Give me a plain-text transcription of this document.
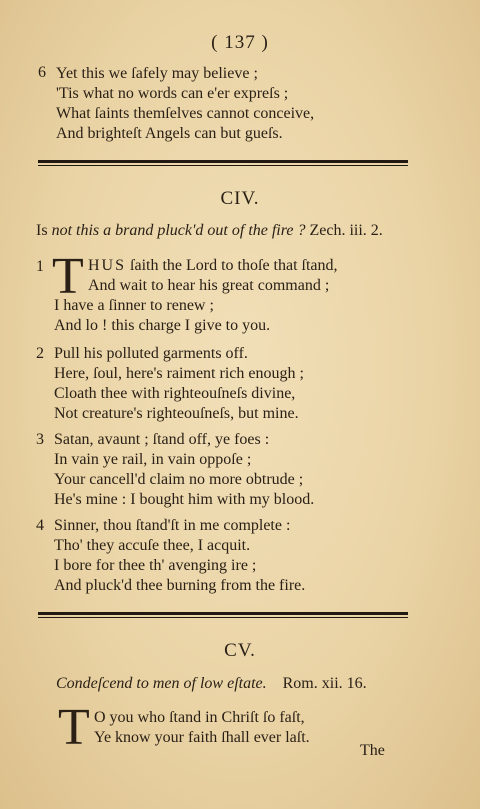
( 137 )
6 Yet this we ſafely may believe ;
'Tis what no words can e'er expreſs ;
What ſaints themſelves cannot conceive,
And brighteſt Angels can but gueſs.
CIV.
Is not this a brand pluck'd out of the fire ? Zech. iii. 2.
1 T HUS ſaith the Lord to thoſe that ſtand,
And wait to hear his great command ;
I have a ſinner to renew ;
And lo ! this charge I give to you.
2 Pull his polluted garments off.
Here, ſoul, here's raiment rich enough ;
Cloath thee with righteouſneſs divine,
Not creature's righteouſneſs, but mine.
3 Satan, avaunt ; ſtand off, ye foes :
In vain ye rail, in vain oppoſe ;
Your cancell'd claim no more obtrude ;
He's mine : I bought him with my blood.
4 Sinner, thou ſtand'ſt in me complete :
Tho' they accuſe thee, I acquit.
I bore for thee th' avenging ire ;
And pluck'd thee burning from the fire.
CV.
Condeſcend to men of low eſtate. Rom. xii. 16.
T O you who ſtand in Chriſt ſo faſt,
Ye know your faith ſhall ever laſt.
The
